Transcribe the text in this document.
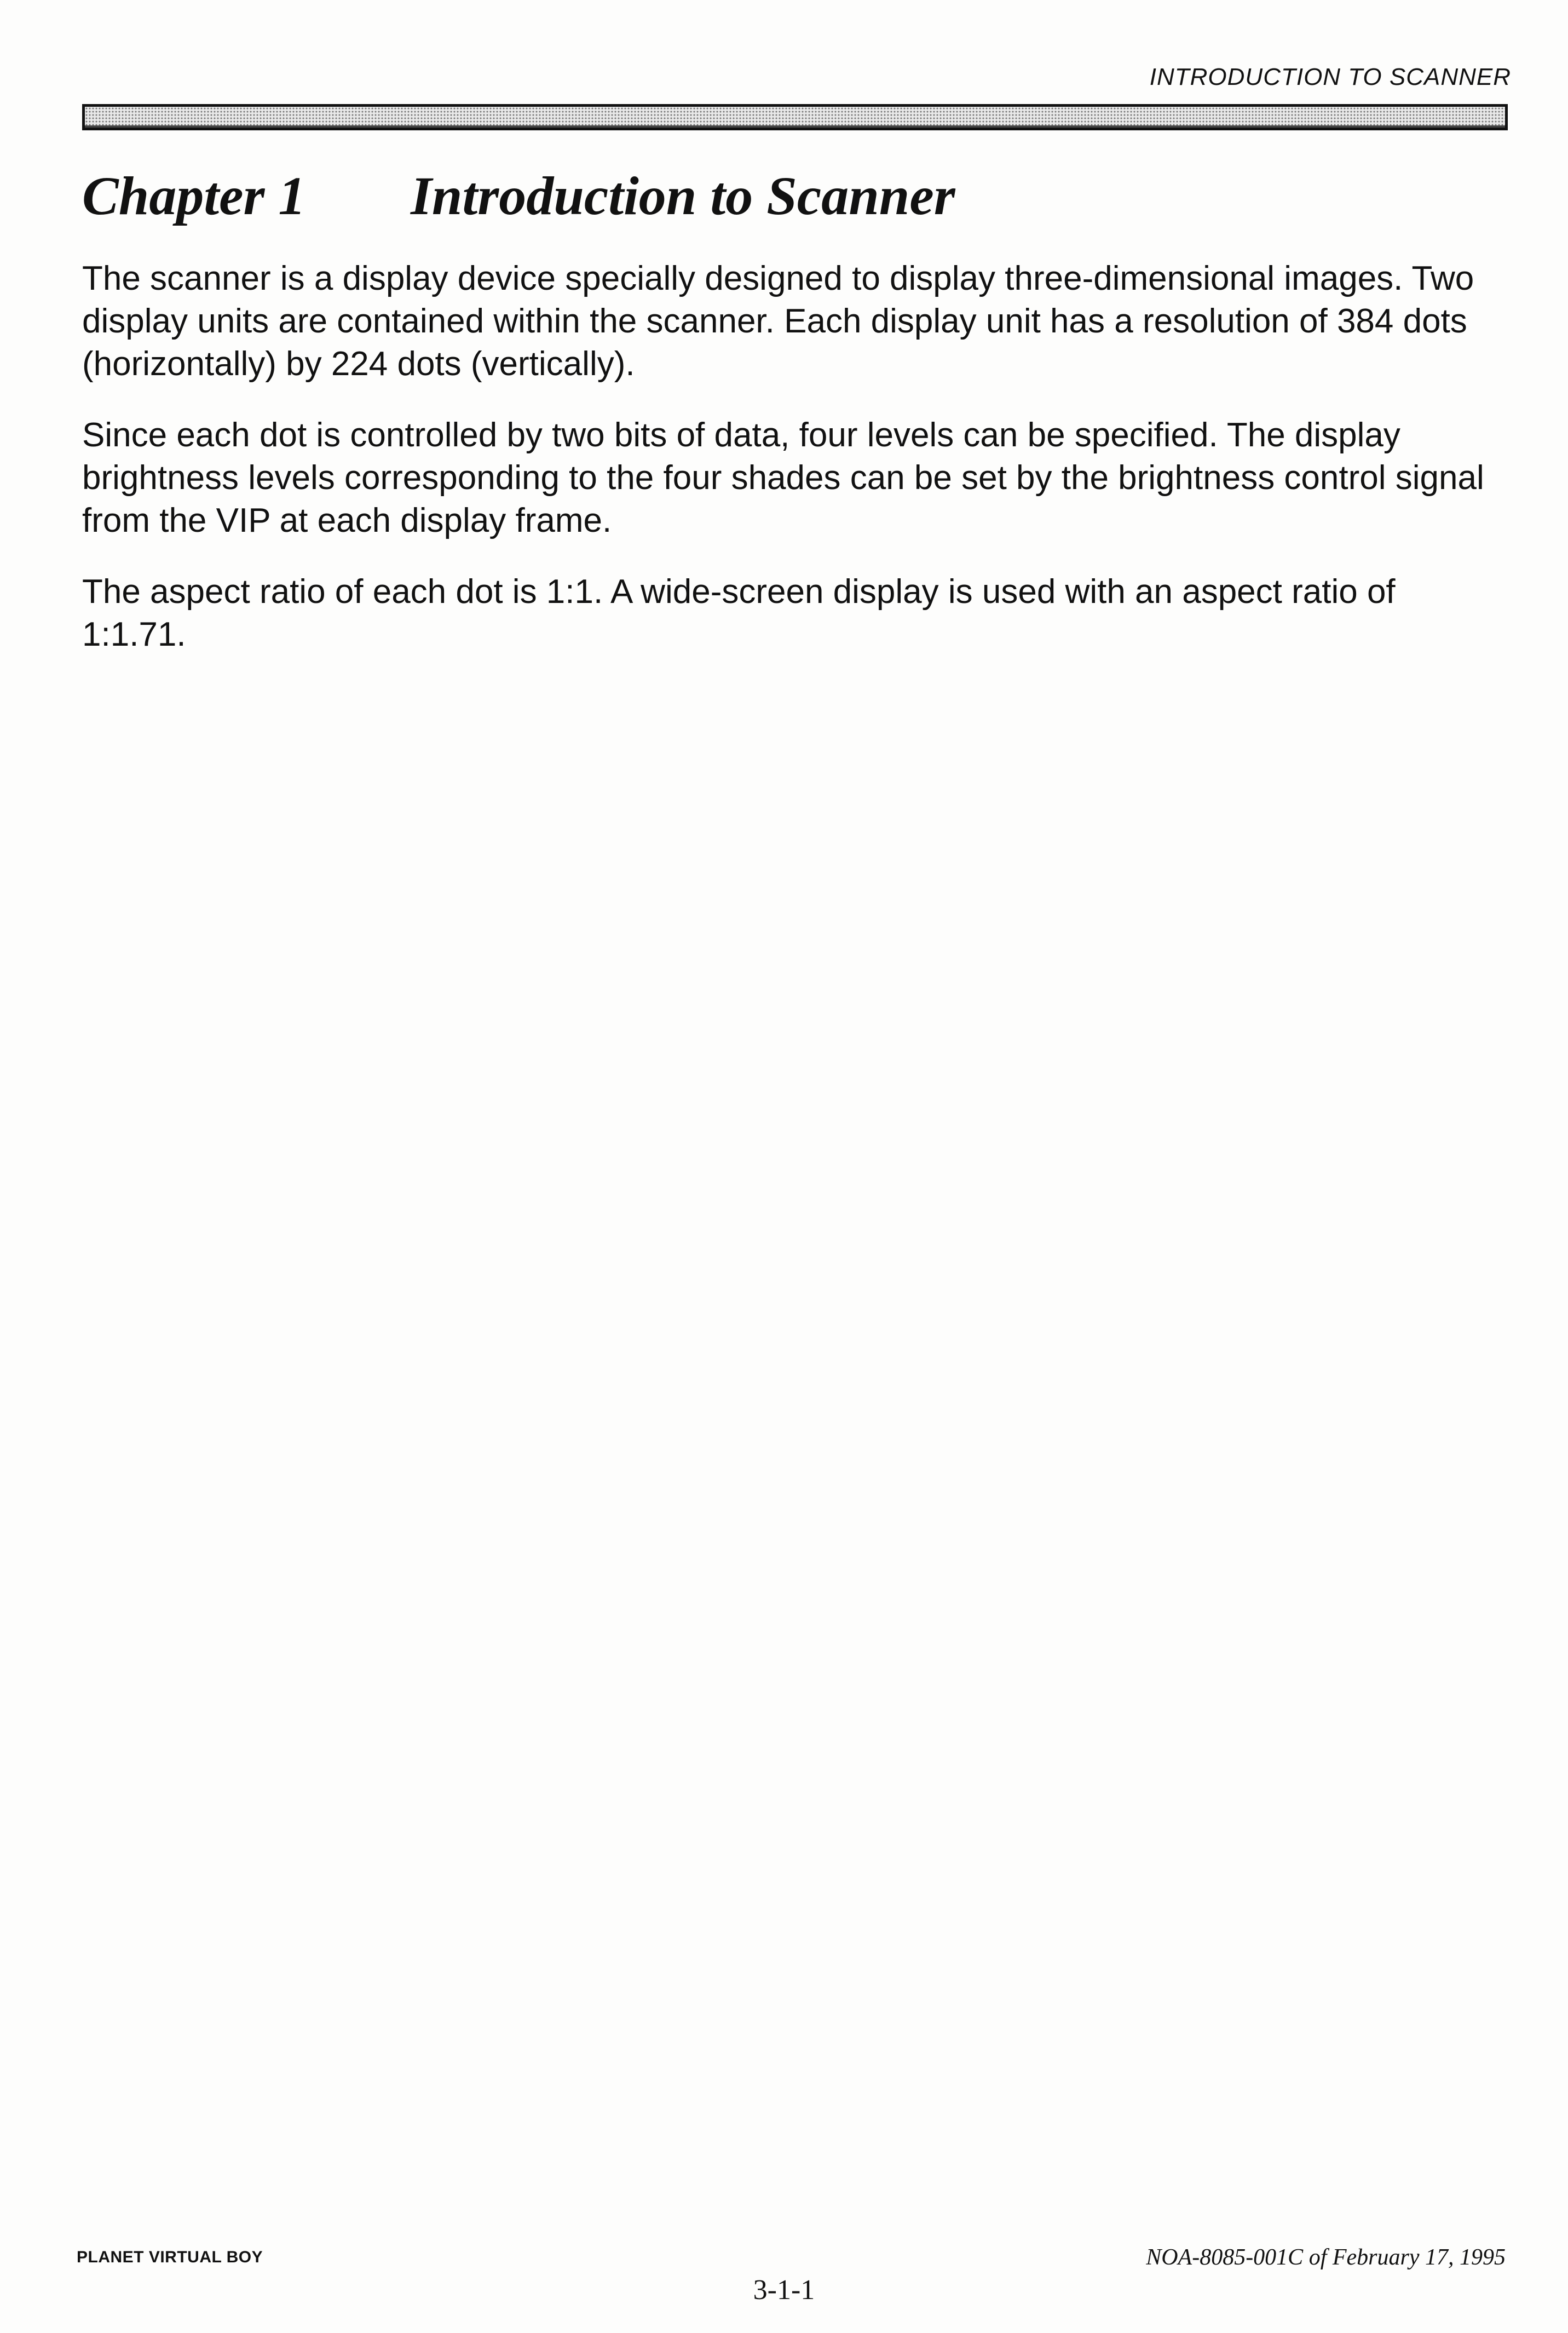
INTRODUCTION TO SCANNER
Chapter 1 Introduction to Scanner

The scanner is a display device specially designed to display three-dimensional images. Two display units are contained within the scanner. Each display unit has a resolution of 384 dots (horizontally) by 224 dots (vertically).

Since each dot is controlled by two bits of data, four levels can be specified. The display brightness levels corresponding to the four shades can be set by the brightness control signal from the VIP at each display frame.

The aspect ratio of each dot is 1:1. A wide-screen display is used with an aspect ratio of 1:1.71.

PLANET VIRTUAL BOY	NOA-8085-001C of February 17, 1995
3-1-1
